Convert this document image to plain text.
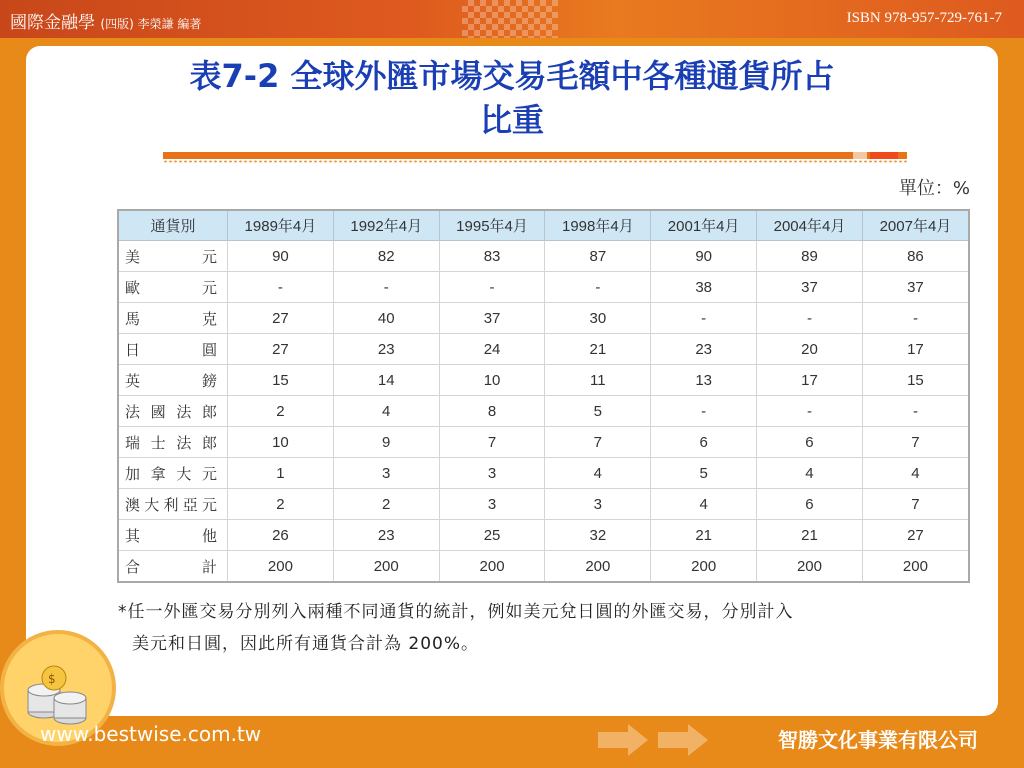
國際金融學 (四版) 李榮謙 編著	ISBN 978-957-729-761-7
表7-2 全球外匯市場交易毛額中各種通貨所占
比重
單位：%
通貨別	1989年4月	1992年4月	1995年4月	1998年4月	2001年4月	2004年4月	2007年4月
美元	90	82	83	87	90	89	86
歐元	-	-	-	-	38	37	37
馬克	27	40	37	30	-	-	-
日圓	27	23	24	21	23	20	17
英鎊	15	14	10	11	13	17	15
法國法郎	2	4	8	5	-	-	-
瑞士法郎	10	9	7	7	6	6	7
加拿大元	1	3	3	4	5	4	4
澳大利亞元	2	2	3	3	4	6	7
其他	26	23	25	32	21	21	27
合計	200	200	200	200	200	200	200
*任一外匯交易分別列入兩種不同通貨的統計，例如美元兌日圓的外匯交易，分別計入
美元和日圓，因此所有通貨合計為 200%。
$
www.bestwise.com.tw	智勝文化事業有限公司
